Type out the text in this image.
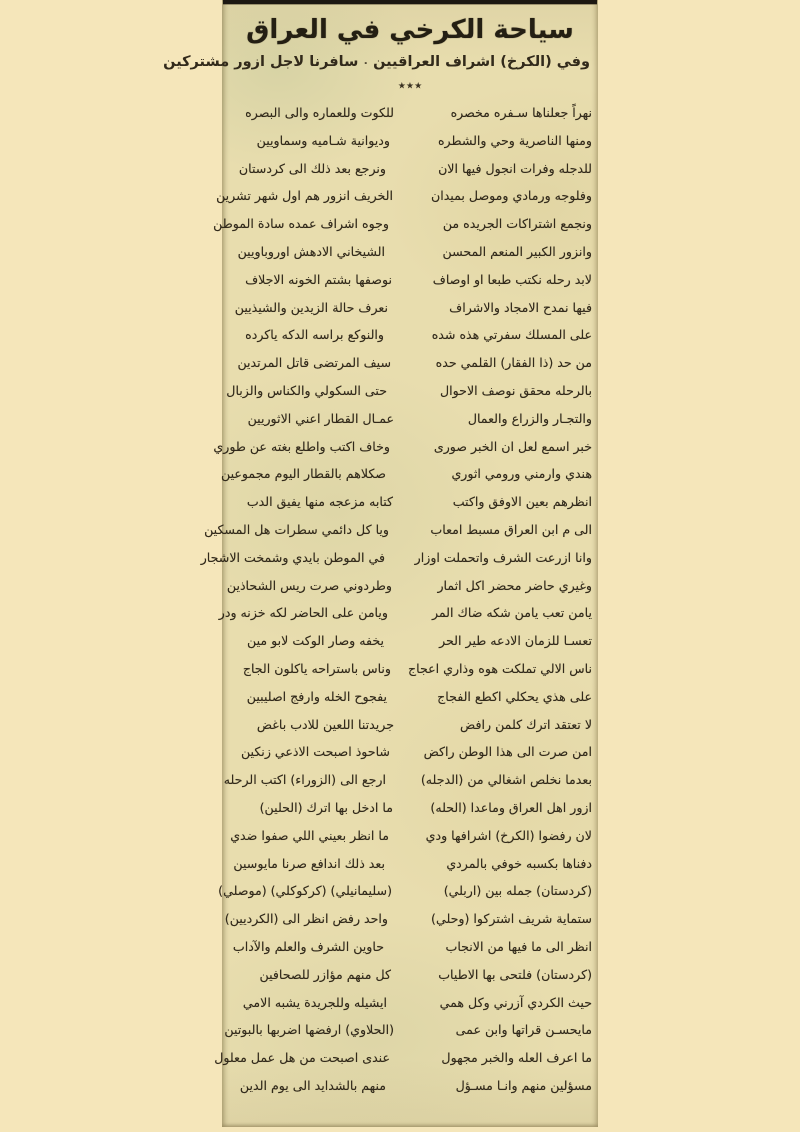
سياحة الكرخي في العراق
وفي (الكرخ) اشراف العراقيين
۰
سافرنا لاجل ازور مشتركين
٭٭٭
نهراً جعلناها سـفره مخصره
للكوت وللعماره والى البصره
ومنها الناصرية وحي والشطره
وديوانية شـاميه وسماويين
للدجله وفرات انجول فيها الان
ونرجع بعد ذلك الى كردستان
وفلوجه ورمادي وموصل بميدان
الخريف انزور هم اول شهر تشرين
ونجمع اشتراكات الجريده من
وجوه اشراف عمده سادة الموطن
وانزور الكبير المنعم المحسن
الشيخاني الادهش اوروباويين
لابد رحله نكتب طبعا او اوصاف
نوصفها بشتم الخونه الاجلاف
فيها نمدح الامجاد والاشراف
نعرف حالة الزيدين والشيذيين
على المسلك سفرتي هذه شده
والنوكع براسه الدكه ياكرده
من حد (ذا الفقار) القلمي حده
سيف المرتضى قاتل المرتدين
بالرحله محقق نوصف الاحوال
حتى السكولي والكناس والزبال
والتجـار والزراع والعمال
عمـال القطار اعني الاثوريين
خبر اسمع لعل ان الخبر صورى
وخاف اكتب واطلع بغته عن طوري
هندي وارمني ورومي اثوري
صكلاهم بالقطار اليوم مجموعين
انظرهم بعين الاوفق واكتب
كتابه مزعجه منها يفيق الدب
الى م ابن العراق مسبط امعاب
ويا كل دائمي سطرات هل المسكين
وانا ازرعت الشرف واتحملت اوزار
في الموطن بايدي وشمخت الاشجار
وغيري حاضر محضر اكل اثمار
وطردوني صرت ريس الشحاذين
يامن تعب يامن شكه ضاك المر
ويامن على الحاضر لكه خزنه ودر
تعسـا للزمان الادعه طير الحر
يخفه وصار الوكت لابو مين
ناس الالي تملكت هوه وذاري اعجاج
وناس باستراحه ياكلون الجاج
على هذي يحكلي اكطع الفجاج
يفجوح الخله وارفج اصليبين
لا تعتقد اترك كلمن رافض
جريدتنا اللعين للادب باغض
امن صرت الى هذا الوطن راكض
شاحوذ اصبحت الاذعي زنكين
بعدما نخلص اشغالي من (الدجله)
ارجع الى (الزوراء) اكتب الرحله
ازور اهل العراق وماعدا (الحله)
ما ادخل بها اترك (الحلين)
لان رفضوا (الكرخ) اشرافها ودي
ما انظر بعيني اللي صفوا ضدي
دفناها بكسبه خوفي بالمردي
بعد ذلك اندافع صرنا مايوسين
(كردستان) جمله بين (اربلي)
(سليمانيلي) (كركوكلي) (موصلي)
ستماية شريف اشتركوا (وحلي)
واحد رفض انظر الى (الكرديين)
انظر الى ما فيها من الانجاب
حاوين الشرف والعلم والآداب
(كردستان) فلتحى بها الاطياب
كل منهم مؤازر للصحافين
حيث الكردي آزرني وكل همي
ايشيله وللجريدة يشبه الامي
مايحسـن قراتها وابن عمى
(الحلاوي) ارفضها اضربها بالبوتين
ما اعرف العله والخبر مجهول
عندى اصبحت من هل عمل معلول
مسؤلين منهم وانـا مسـؤل
منهم بالشدايد الى يوم الدين
